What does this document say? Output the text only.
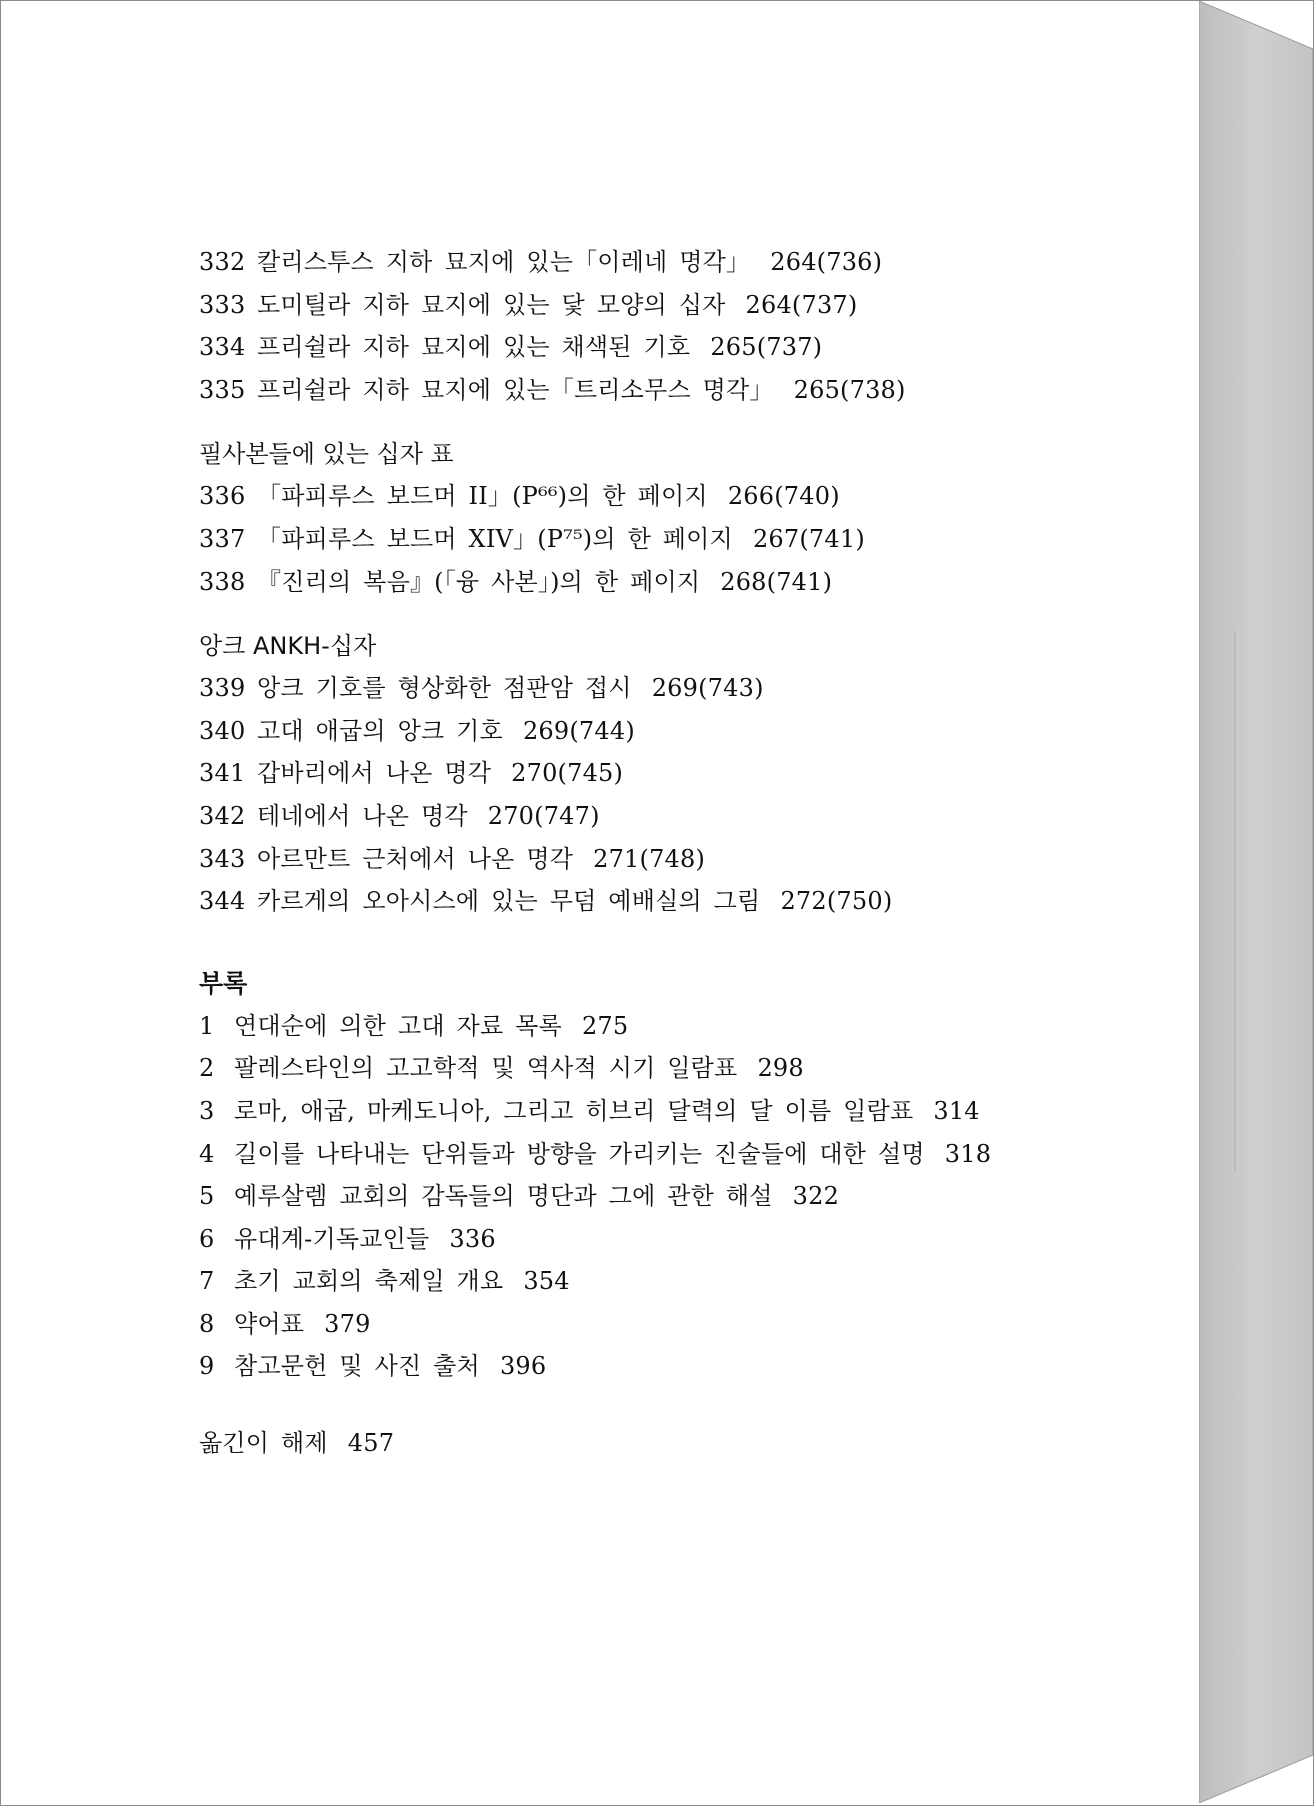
332 칼리스투스 지하 묘지에 있는「이레네 명각」 264(736)
333 도미틸라 지하 묘지에 있는 닻 모양의 십자 264(737)
334 프리쉴라 지하 묘지에 있는 채색된 기호 265(737)
335 프리쉴라 지하 묘지에 있는「트리소무스 명각」 265(738)
필사본들에 있는 십자 표
336 「파피루스 보드머 II」(P⁶⁶)의 한 페이지 266(740)
337 「파피루스 보드머 XIV」(P⁷⁵)의 한 페이지 267(741)
338 『진리의 복음』(「융 사본」)의 한 페이지 268(741)
앙크 ANKH-십자
339 앙크 기호를 형상화한 점판암 접시 269(743)
340 고대 애굽의 앙크 기호 269(744)
341 갑바리에서 나온 명각 270(745)
342 테네에서 나온 명각 270(747)
343 아르만트 근처에서 나온 명각 271(748)
344 카르게의 오아시스에 있는 무덤 예배실의 그림 272(750)
부록
1 연대순에 의한 고대 자료 목록 275
2 팔레스타인의 고고학적 및 역사적 시기 일람표 298
3 로마, 애굽, 마케도니아, 그리고 히브리 달력의 달 이름 일람표 314
4 길이를 나타내는 단위들과 방향을 가리키는 진술들에 대한 설명 318
5 예루살렘 교회의 감독들의 명단과 그에 관한 해설 322
6 유대계-기독교인들 336
7 초기 교회의 축제일 개요 354
8 약어표 379
9 참고문헌 및 사진 출처 396
옮긴이 해제 457
